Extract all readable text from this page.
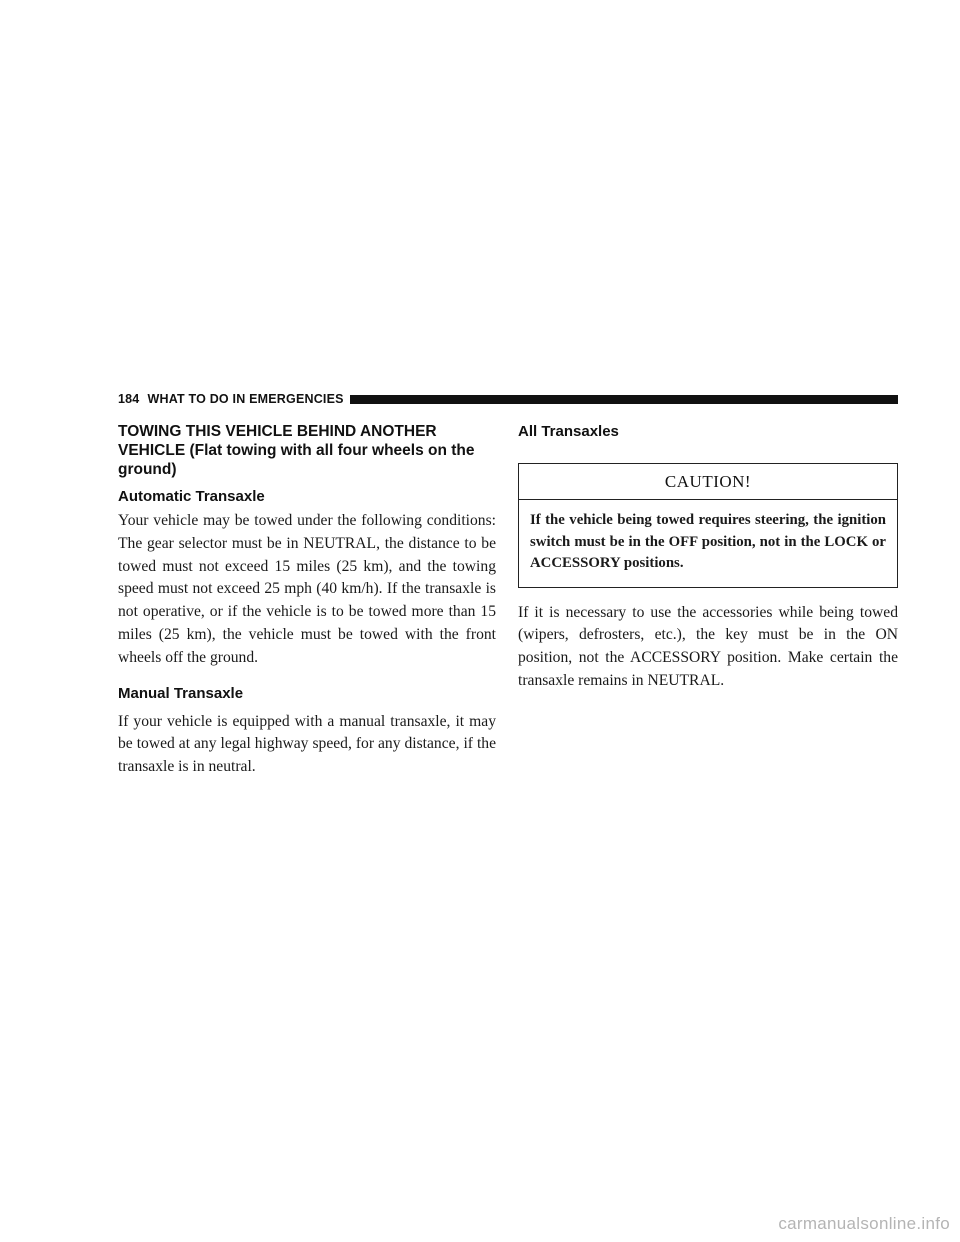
184 WHAT TO DO IN EMERGENCIES
TOWING THIS VEHICLE BEHIND ANOTHER VEHICLE (Flat towing with all four wheels on the ground)
Automatic Transaxle

Your vehicle may be towed under the following conditions: The gear selector must be in NEUTRAL, the distance to be towed must not exceed 15 miles (25 km), and the towing speed must not exceed 25 mph (40 km/h). If the transaxle is not operative, or if the vehicle is to be towed more than 15 miles (25 km), the vehicle must be towed with the front wheels off the ground.

Manual Transaxle

If your vehicle is equipped with a manual transaxle, it may be towed at any legal highway speed, for any distance, if the transaxle is in neutral.

All Transaxles
CAUTION!
If the vehicle being towed requires steering, the ignition switch must be in the OFF position, not in the LOCK or ACCESSORY positions.

If it is necessary to use the accessories while being towed (wipers, defrosters, etc.), the key must be in the ON position, not the ACCESSORY position. Make certain the transaxle remains in NEUTRAL.

carmanualsonline.info
